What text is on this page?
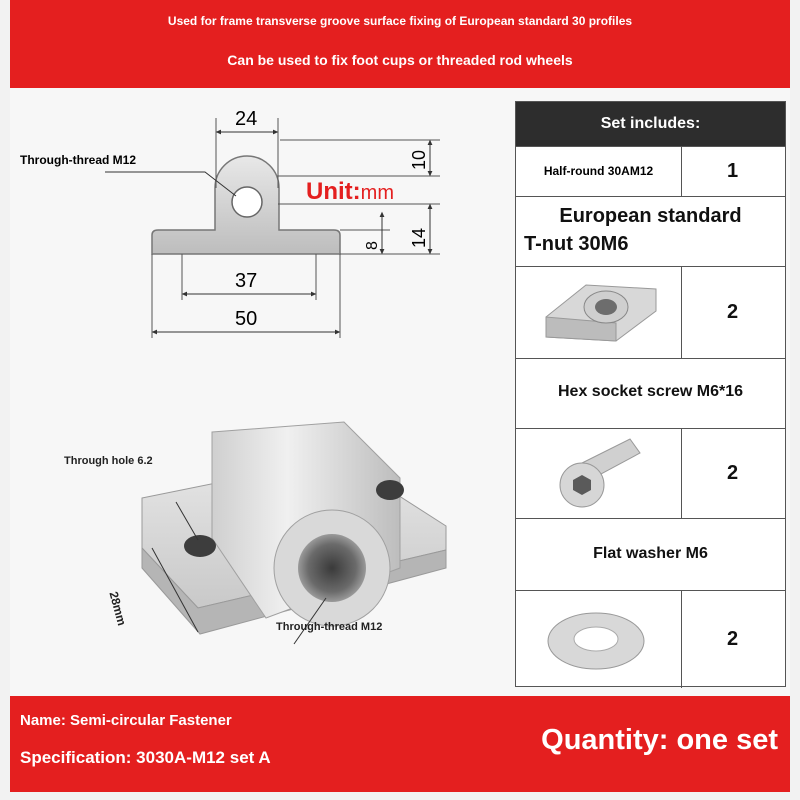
Used for frame transverse groove surface fixing of European standard 30 profiles
Can be used to fix foot cups or threaded rod wheels
24
10
14
8
37
50
Through-thread M12
Unit:mm
Through hole 6.2
28mm	Through-thread M12
Set includes:
Half-round 30AM12	1
European standard
T-nut 30M6
2
Hex socket screw M6*16
2
Flat washer M6
2
Name: Semi-circular Fastener
Specification: 3030A-M12 set A
Quantity: one set
